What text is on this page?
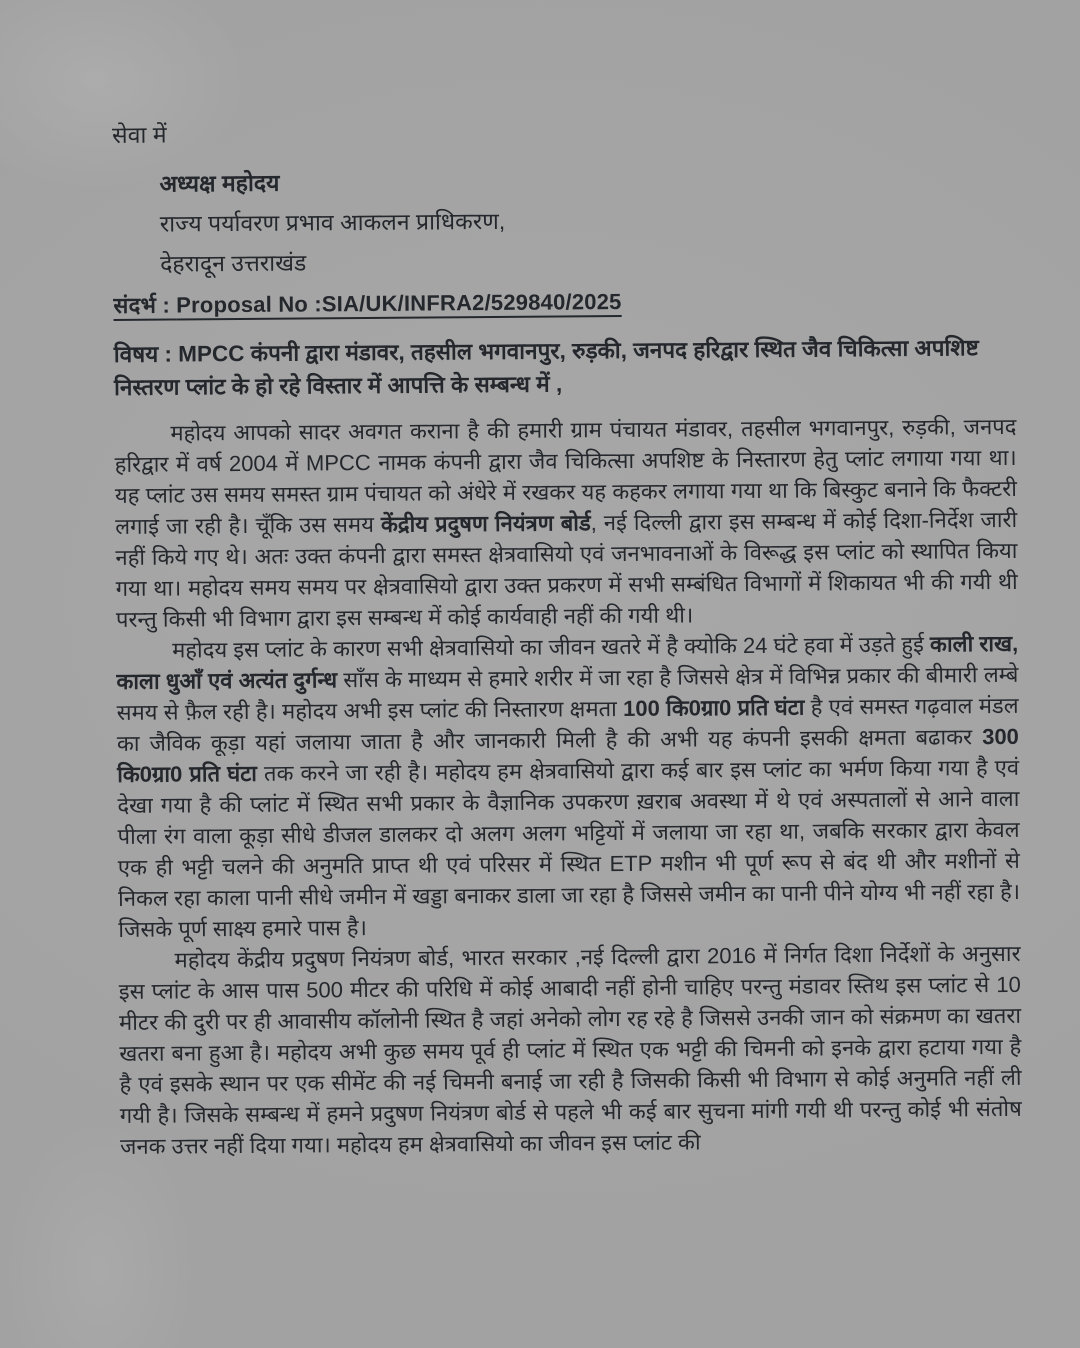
सेवा में
अध्यक्ष महोदय
राज्य पर्यावरण प्रभाव आकलन प्राधिकरण,
देहरादून उत्तराखंड
संदर्भ : Proposal No :SIA/UK/INFRA2/529840/2025
विषय : MPCC कंपनी द्वारा मंडावर, तहसील भगवानपुर, रुड़की, जनपद हरिद्वार स्थित जैव चिकित्सा अपशिष्ट निस्तरण प्लांट के हो रहे विस्तार में आपत्ति के सम्बन्ध में ,

महोदय आपको सादर अवगत कराना है की हमारी ग्राम पंचायत मंडावर, तहसील भगवानपुर, रुड़की, जनपद हरिद्वार में वर्ष 2004 में MPCC नामक कंपनी द्वारा जैव चिकित्सा अपशिष्ट के निस्तारण हेतु प्लांट लगाया गया था। यह प्लांट उस समय समस्त ग्राम पंचायत को अंधेरे में रखकर यह कहकर लगाया गया था कि बिस्कुट बनाने कि फैक्टरी लगाई जा रही है। चूँकि उस समय केंद्रीय प्रदुषण नियंत्रण बोर्ड, नई दिल्ली द्वारा इस सम्बन्ध में कोई दिशा-निर्देश जारी नहीं किये गए थे। अतः उक्त कंपनी द्वारा समस्त क्षेत्रवासियो एवं जनभावनाओं के विरूद्ध इस प्लांट को स्थापित किया गया था। महोदय समय समय पर क्षेत्रवासियो द्वारा उक्त प्रकरण में सभी सम्बंधित विभागों में शिकायत भी की गयी थी परन्तु किसी भी विभाग द्वारा इस सम्बन्ध में कोई कार्यवाही नहीं की गयी थी।

महोदय इस प्लांट के कारण सभी क्षेत्रवासियो का जीवन खतरे में है क्योकि 24 घंटे हवा में उड़ते हुई काली राख, काला धुआँ एवं अत्यंत दुर्गन्ध साँस के माध्यम से हमारे शरीर में जा रहा है जिससे क्षेत्र में विभिन्न प्रकार की बीमारी लम्बे समय से फ़ैल रही है। महोदय अभी इस प्लांट की निस्तारण क्षमता 100 कि0ग्रा0 प्रति घंटा है एवं समस्त गढ़वाल मंडल का जैविक कूड़ा यहां जलाया जाता है और जानकारी मिली है की अभी यह कंपनी इसकी क्षमता बढाकर 300 कि0ग्रा0 प्रति घंटा तक करने जा रही है। महोदय हम क्षेत्रवासियो द्वारा कई बार इस प्लांट का भर्मण किया गया है एवं देखा गया है की प्लांट में स्थित सभी प्रकार के वैज्ञानिक उपकरण ख़राब अवस्था में थे एवं अस्पतालों से आने वाला पीला रंग वाला कूड़ा सीधे डीजल डालकर दो अलग अलग भट्टियों में जलाया जा रहा था, जबकि सरकार द्वारा केवल एक ही भट्टी चलने की अनुमति प्राप्त थी एवं परिसर में स्थित ETP मशीन भी पूर्ण रूप से बंद थी और मशीनों से निकल रहा काला पानी सीधे जमीन में खड्डा बनाकर डाला जा रहा है जिससे जमीन का पानी पीने योग्य भी नहीं रहा है। जिसके पूर्ण साक्ष्य हमारे पास है।

महोदय केंद्रीय प्रदुषण नियंत्रण बोर्ड, भारत सरकार ,नई दिल्ली द्वारा 2016 में निर्गत दिशा निर्देशों के अनुसार इस प्लांट के आस पास 500 मीटर की परिधि में कोई आबादी नहीं होनी चाहिए परन्तु मंडावर स्तिथ इस प्लांट से 10 मीटर की दुरी पर ही आवासीय कॉलोनी स्थित है जहां अनेको लोग रह रहे है जिससे उनकी जान को संक्रमण का खतरा खतरा बना हुआ है। महोदय अभी कुछ समय पूर्व ही प्लांट में स्थित एक भट्टी की चिमनी को इनके द्वारा हटाया गया है है एवं इसके स्थान पर एक सीमेंट की नई चिमनी बनाई जा रही है जिसकी किसी भी विभाग से कोई अनुमति नहीं ली गयी है। जिसके सम्बन्ध में हमने प्रदुषण नियंत्रण बोर्ड से पहले भी कई बार सुचना मांगी गयी थी परन्तु कोई भी संतोष जनक उत्तर नहीं दिया गया। महोदय हम क्षेत्रवासियो का जीवन इस प्लांट की
